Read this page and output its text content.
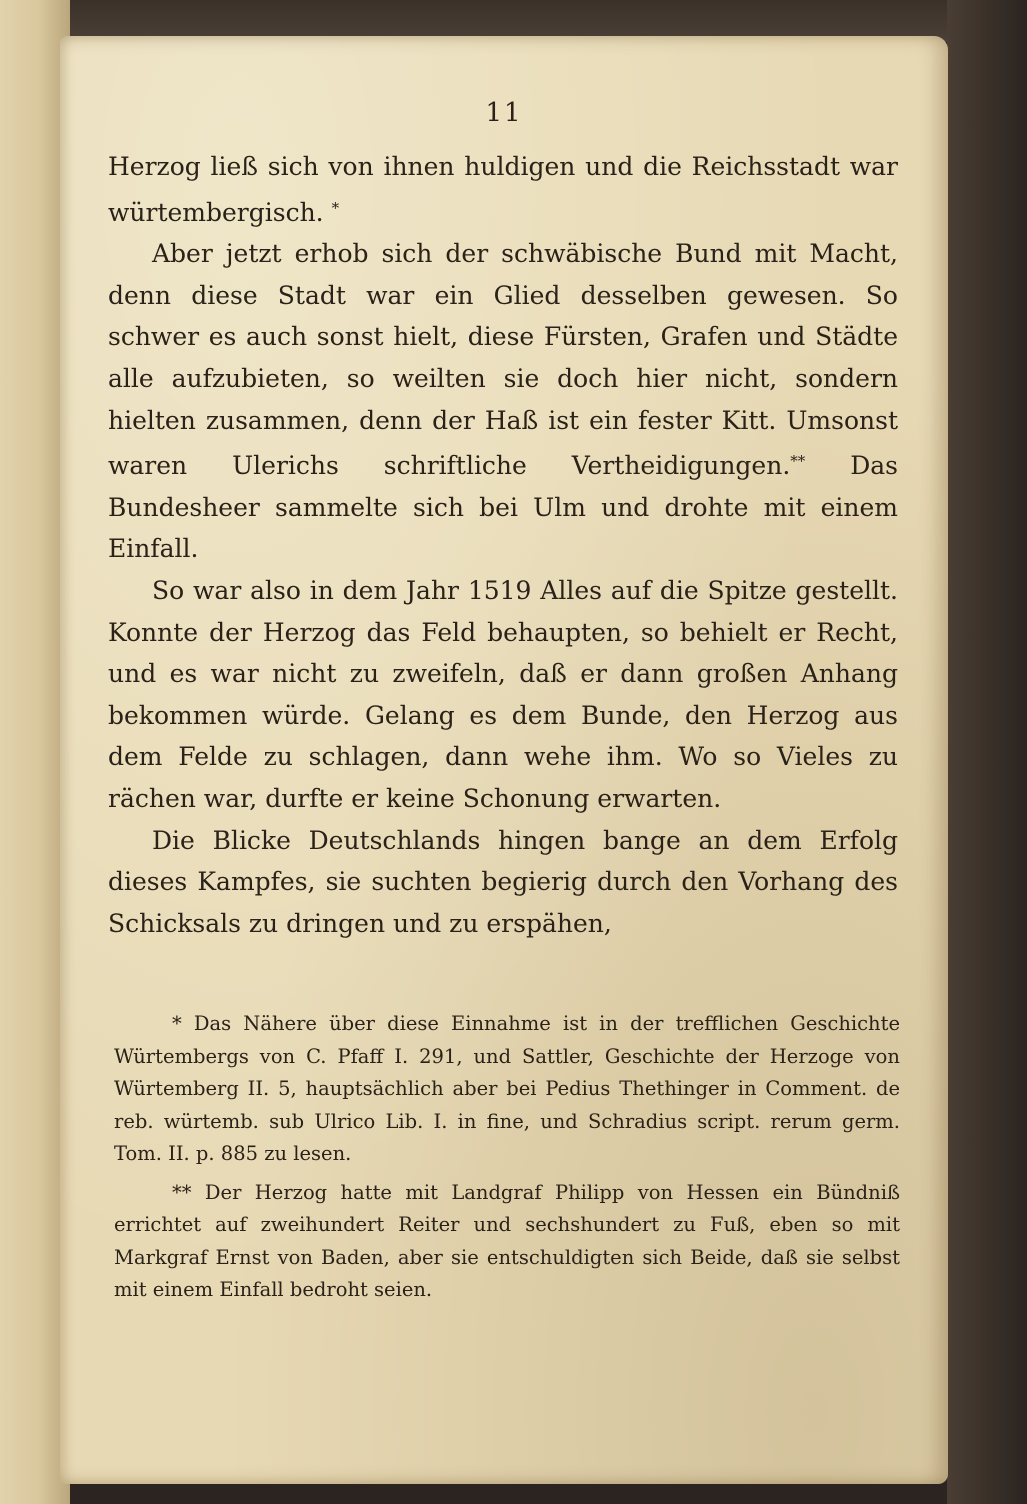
11

Herzog ließ sich von ihnen huldigen und die Reichsstadt war würtembergisch. *

Aber jetzt erhob sich der schwäbische Bund mit Macht, denn diese Stadt war ein Glied desselben gewesen. So schwer es auch sonst hielt, diese Fürsten, Grafen und Städte alle aufzubieten, so weilten sie doch hier nicht, sondern hielten zusammen, denn der Haß ist ein fester Kitt. Umsonst waren Ulerichs schriftliche Vertheidigungen.** Das Bundesheer sammelte sich bei Ulm und drohte mit einem Einfall.

So war also in dem Jahr 1519 Alles auf die Spitze gestellt. Konnte der Herzog das Feld behaupten, so behielt er Recht, und es war nicht zu zweifeln, daß er dann großen Anhang bekommen würde. Gelang es dem Bunde, den Herzog aus dem Felde zu schlagen, dann wehe ihm. Wo so Vieles zu rächen war, durfte er keine Schonung erwarten.

Die Blicke Deutschlands hingen bange an dem Erfolg dieses Kampfes, sie suchten begierig durch den Vorhang des Schicksals zu dringen und zu erspähen,

* Das Nähere über diese Einnahme ist in der trefflichen Geschichte Würtembergs von C. Pfaff I. 291, und Sattler, Geschichte der Herzoge von Würtemberg II. 5, hauptsächlich aber bei Pedius Thethinger in Comment. de reb. würtemb. sub Ulrico Lib. I. in fine, und Schradius script. rerum germ. Tom. II. p. 885 zu lesen.

** Der Herzog hatte mit Landgraf Philipp von Hessen ein Bündniß errichtet auf zweihundert Reiter und sechshundert zu Fuß, eben so mit Markgraf Ernst von Baden, aber sie entschuldigten sich Beide, daß sie selbst mit einem Einfall bedroht seien.
